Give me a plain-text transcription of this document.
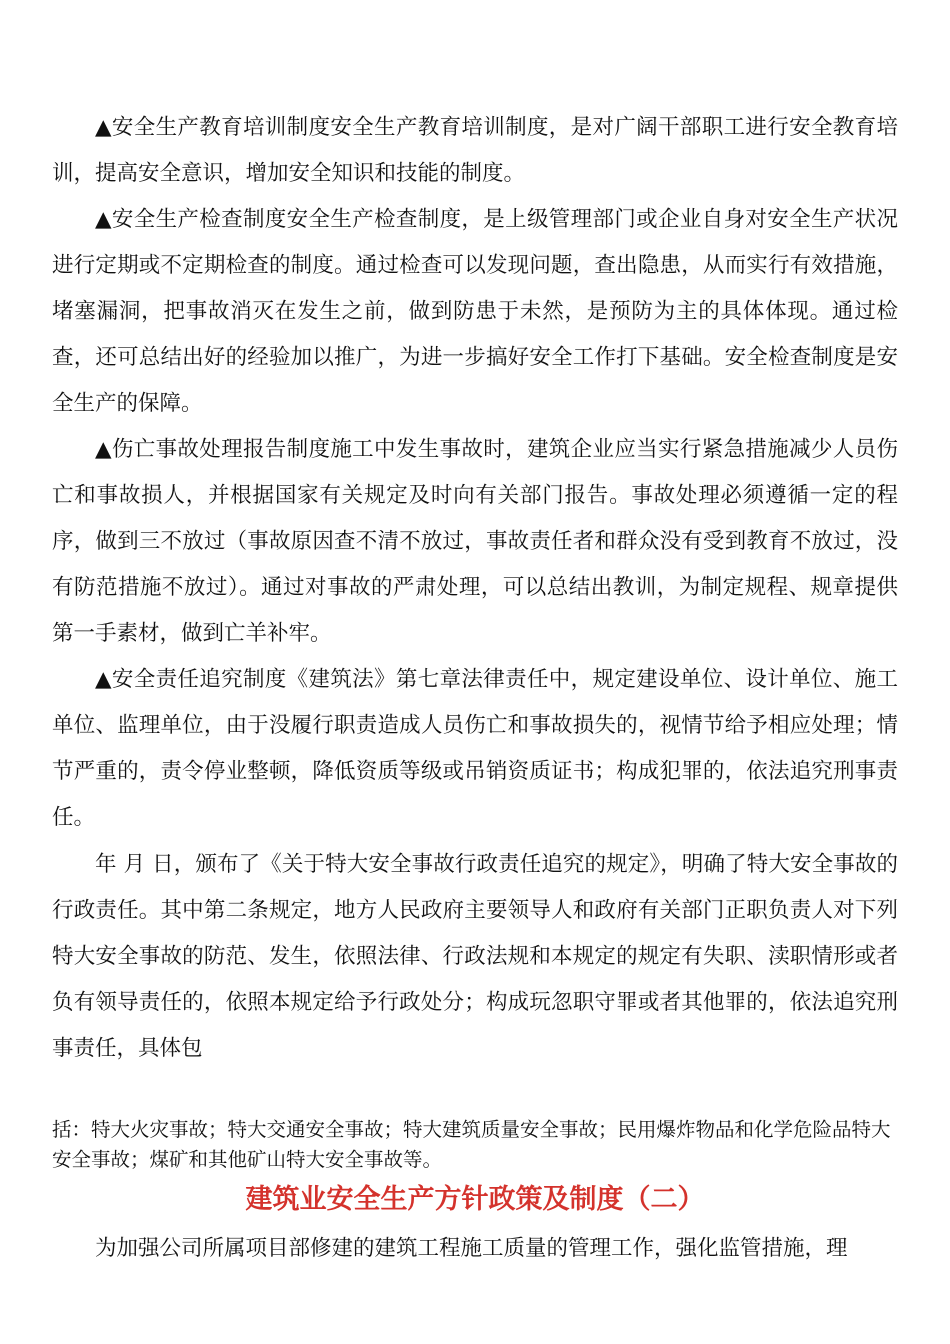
▲安全生产教育培训制度安全生产教育培训制度，是对广阔干部职工进行安全教育培训，提高安全意识，增加安全知识和技能的制度。

▲安全生产检查制度安全生产检查制度，是上级管理部门或企业自身对安全生产状况进行定期或不定期检查的制度。通过检查可以发现问题，查出隐患，从而实行有效措施，堵塞漏洞，把事故消灭在发生之前，做到防患于未然，是预防为主的具体体现。通过检查，还可总结出好的经验加以推广，为进一步搞好安全工作打下基础。安全检查制度是安全生产的保障。

▲伤亡事故处理报告制度施工中发生事故时，建筑企业应当实行紧急措施减少人员伤亡和事故损人，并根据国家有关规定及时向有关部门报告。事故处理必须遵循一定的程序，做到三不放过（事故原因查不清不放过，事故责任者和群众没有受到教育不放过，没有防范措施不放过）。通过对事故的严肃处理，可以总结出教训，为制定规程、规章提供第一手素材，做到亡羊补牢。

▲安全责任追究制度《建筑法》第七章法律责任中，规定建设单位、设计单位、施工单位、监理单位，由于没履行职责造成人员伤亡和事故损失的，视情节给予相应处理；情节严重的，责令停业整顿，降低资质等级或吊销资质证书；构成犯罪的，依法追究刑事责任。

年 月 日，颁布了《关于特大安全事故行政责任追究的规定》，明确了特大安全事故的行政责任。其中第二条规定，地方人民政府主要领导人和政府有关部门正职负责人对下列特大安全事故的防范、发生，依照法律、行政法规和本规定的规定有失职、渎职情形或者负有领导责任的，依照本规定给予行政处分；构成玩忽职守罪或者其他罪的，依法追究刑事责任，具体包

括：特大火灾事故；特大交通安全事故；特大建筑质量安全事故；民用爆炸物品和化学危险品特大安全事故；煤矿和其他矿山特大安全事故等。

建筑业安全生产方针政策及制度（二）

为加强公司所属项目部修建的建筑工程施工质量的管理工作，强化监管措施，理
